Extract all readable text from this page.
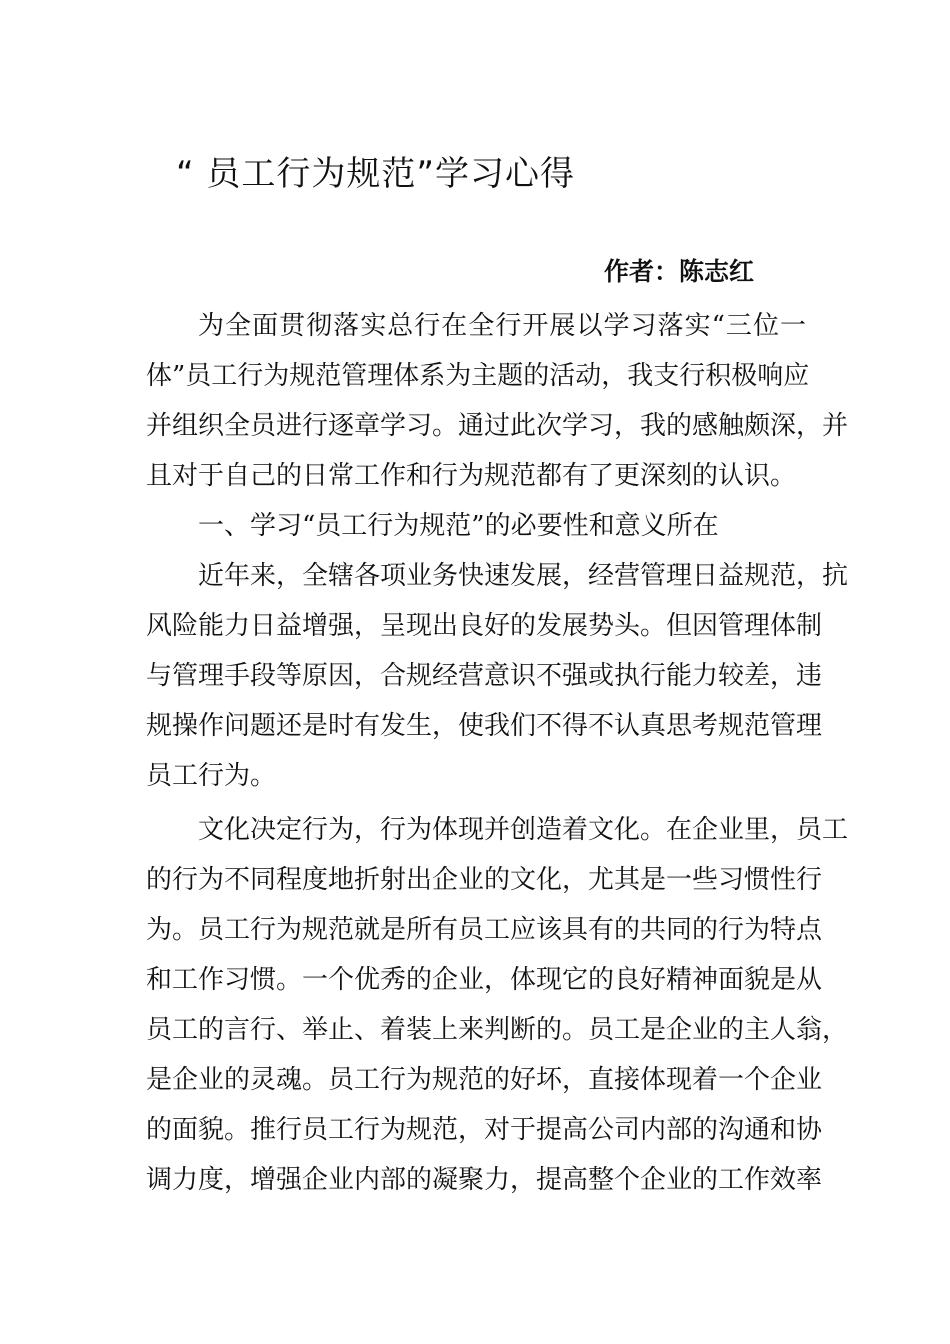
“ 员工行为规范”学习心得
作者：陈志红
为全面贯彻落实总行在全行开展以学习落实“三位一
体”员工行为规范管理体系为主题的活动，我支行积极响应
并组织全员进行逐章学习。通过此次学习，我的感触颇深，并
且对于自己的日常工作和行为规范都有了更深刻的认识。
一、学习“员工行为规范”的必要性和意义所在
近年来，全辖各项业务快速发展，经营管理日益规范，抗
风险能力日益增强，呈现出良好的发展势头。但因管理体制
与管理手段等原因，合规经营意识不强或执行能力较差，违
规操作问题还是时有发生，使我们不得不认真思考规范管理
员工行为。
文化决定行为，行为体现并创造着文化。在企业里，员工
的行为不同程度地折射出企业的文化，尤其是一些习惯性行
为。员工行为规范就是所有员工应该具有的共同的行为特点
和工作习惯。一个优秀的企业，体现它的良好精神面貌是从
员工的言行、举止、着装上来判断的。员工是企业的主人翁，
是企业的灵魂。员工行为规范的好坏，直接体现着一个企业
的面貌。推行员工行为规范，对于提高公司内部的沟通和协
调力度，增强企业内部的凝聚力，提高整个企业的工作效率
